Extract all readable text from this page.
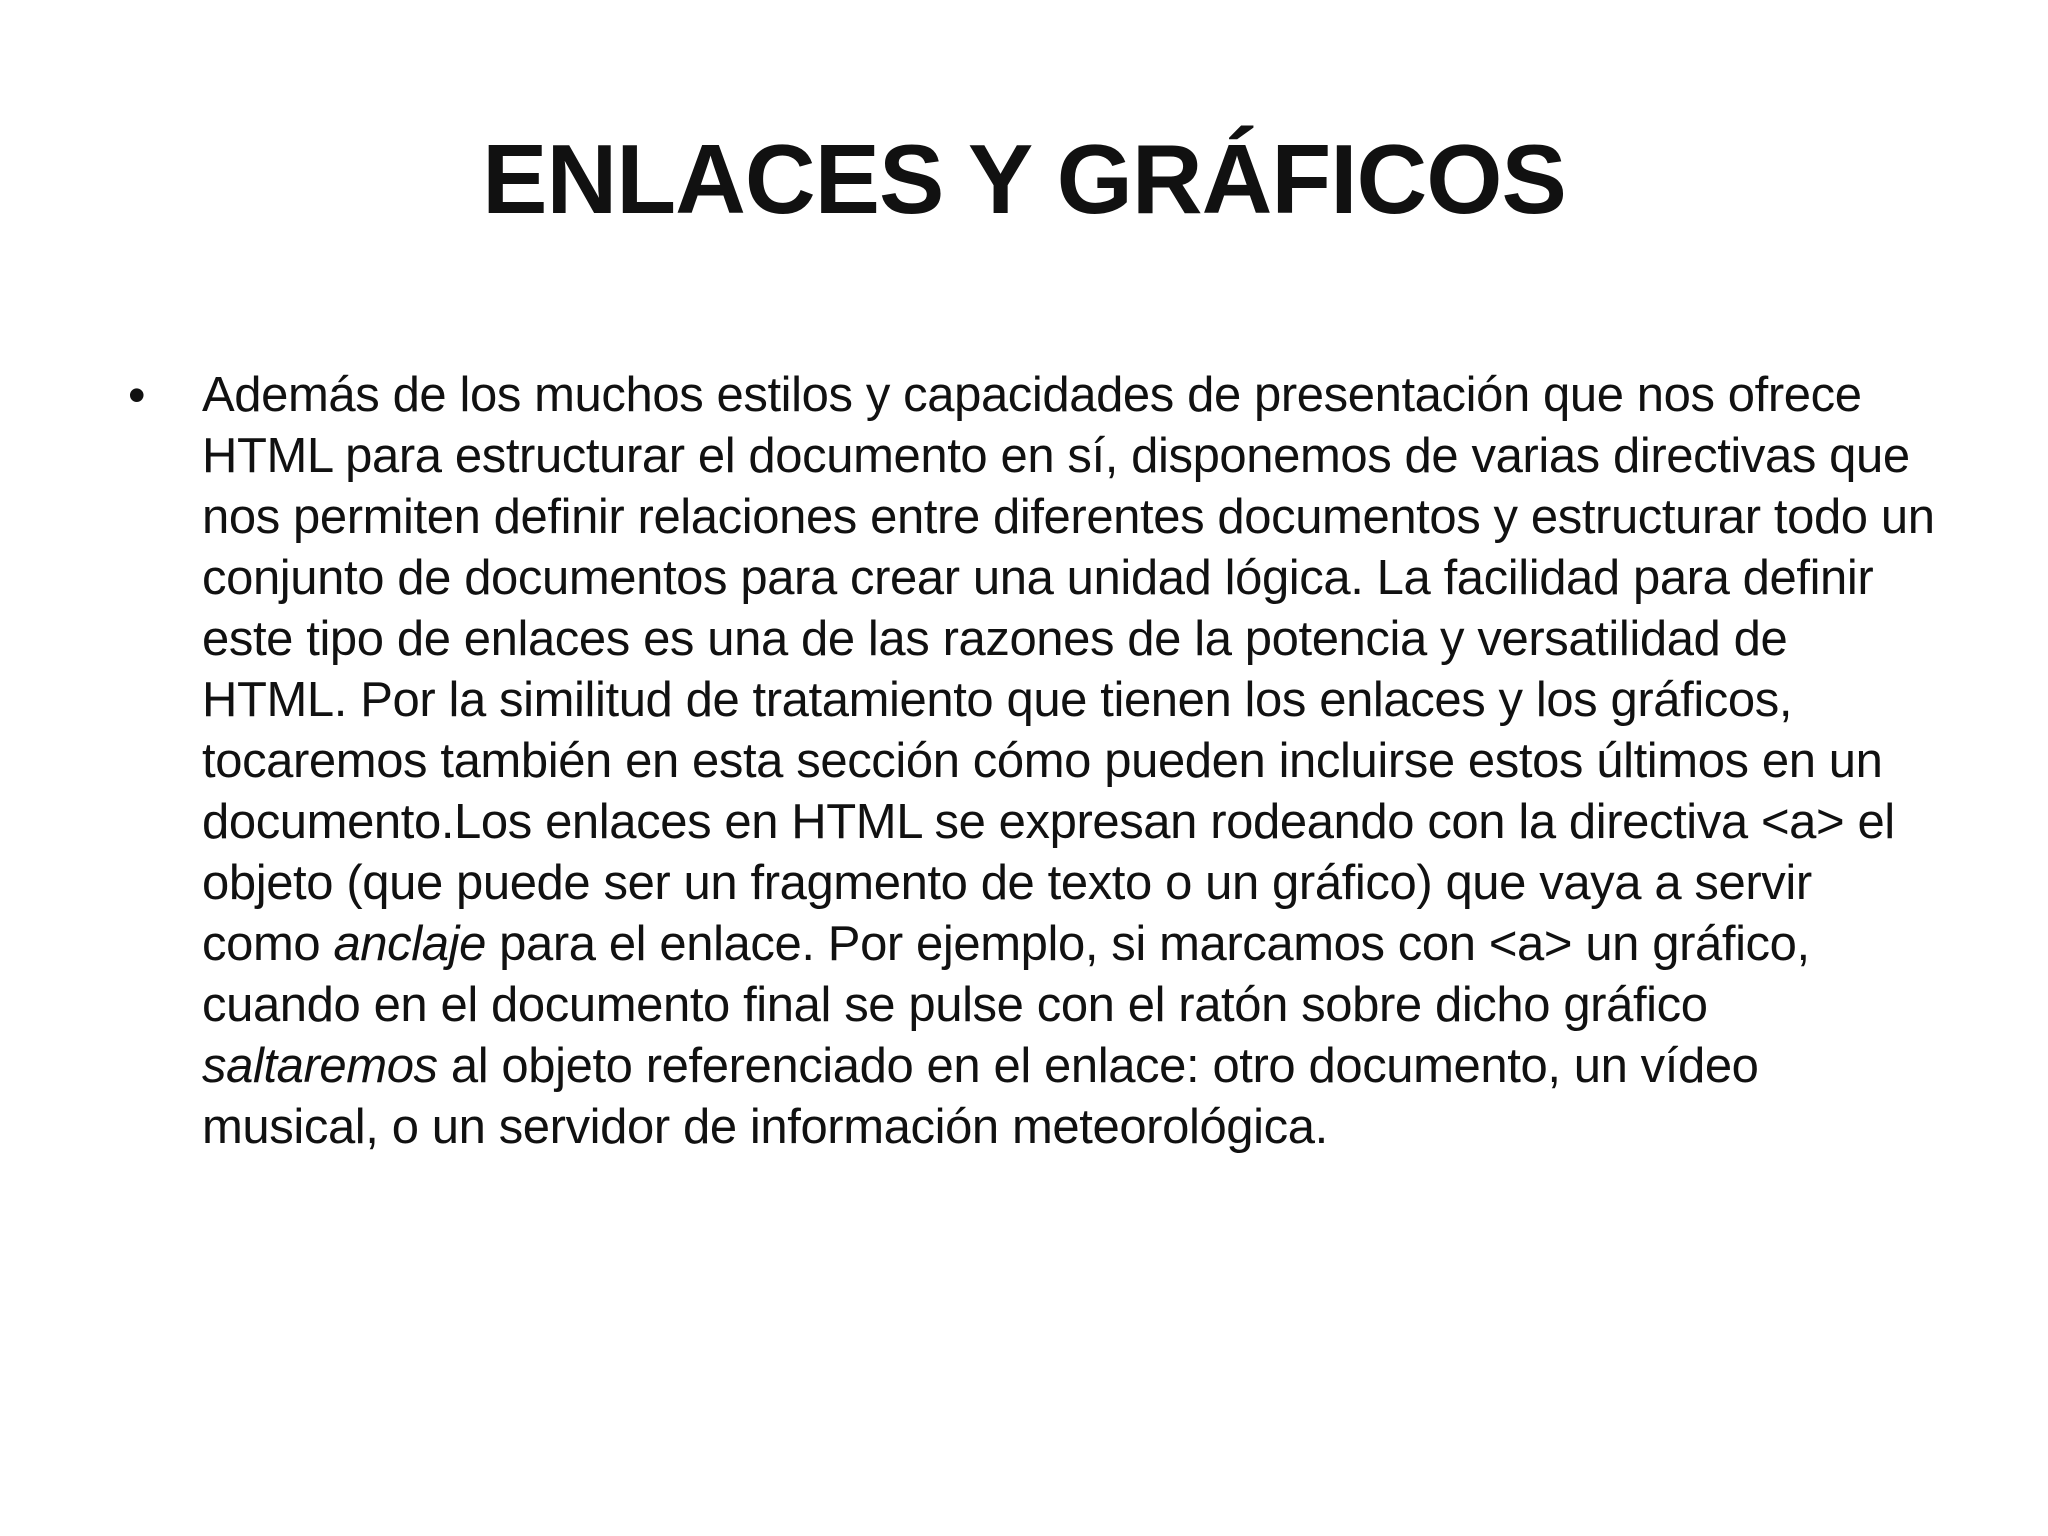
ENLACES Y GRÁFICOS
• Además de los muchos estilos y capacidades de presentación que nos ofrece HTML para estructurar el documento en sí, disponemos de varias directivas que nos permiten definir relaciones entre diferentes documentos y estructurar todo un conjunto de documentos para crear una unidad lógica. La facilidad para definir este tipo de enlaces es una de las razones de la potencia y versatilidad de HTML. Por la similitud de tratamiento que tienen los enlaces y los gráficos, tocaremos también en esta sección cómo pueden incluirse estos últimos en un documento.Los enlaces en HTML se expresan rodeando con la directiva <a> el objeto (que puede ser un fragmento de texto o un gráfico) que vaya a servir como anclaje para el enlace. Por ejemplo, si marcamos con <a> un gráfico, cuando en el documento final se pulse con el ratón sobre dicho gráfico saltaremos al objeto referenciado en el enlace: otro documento, un vídeo musical, o un servidor de información meteorológica.
